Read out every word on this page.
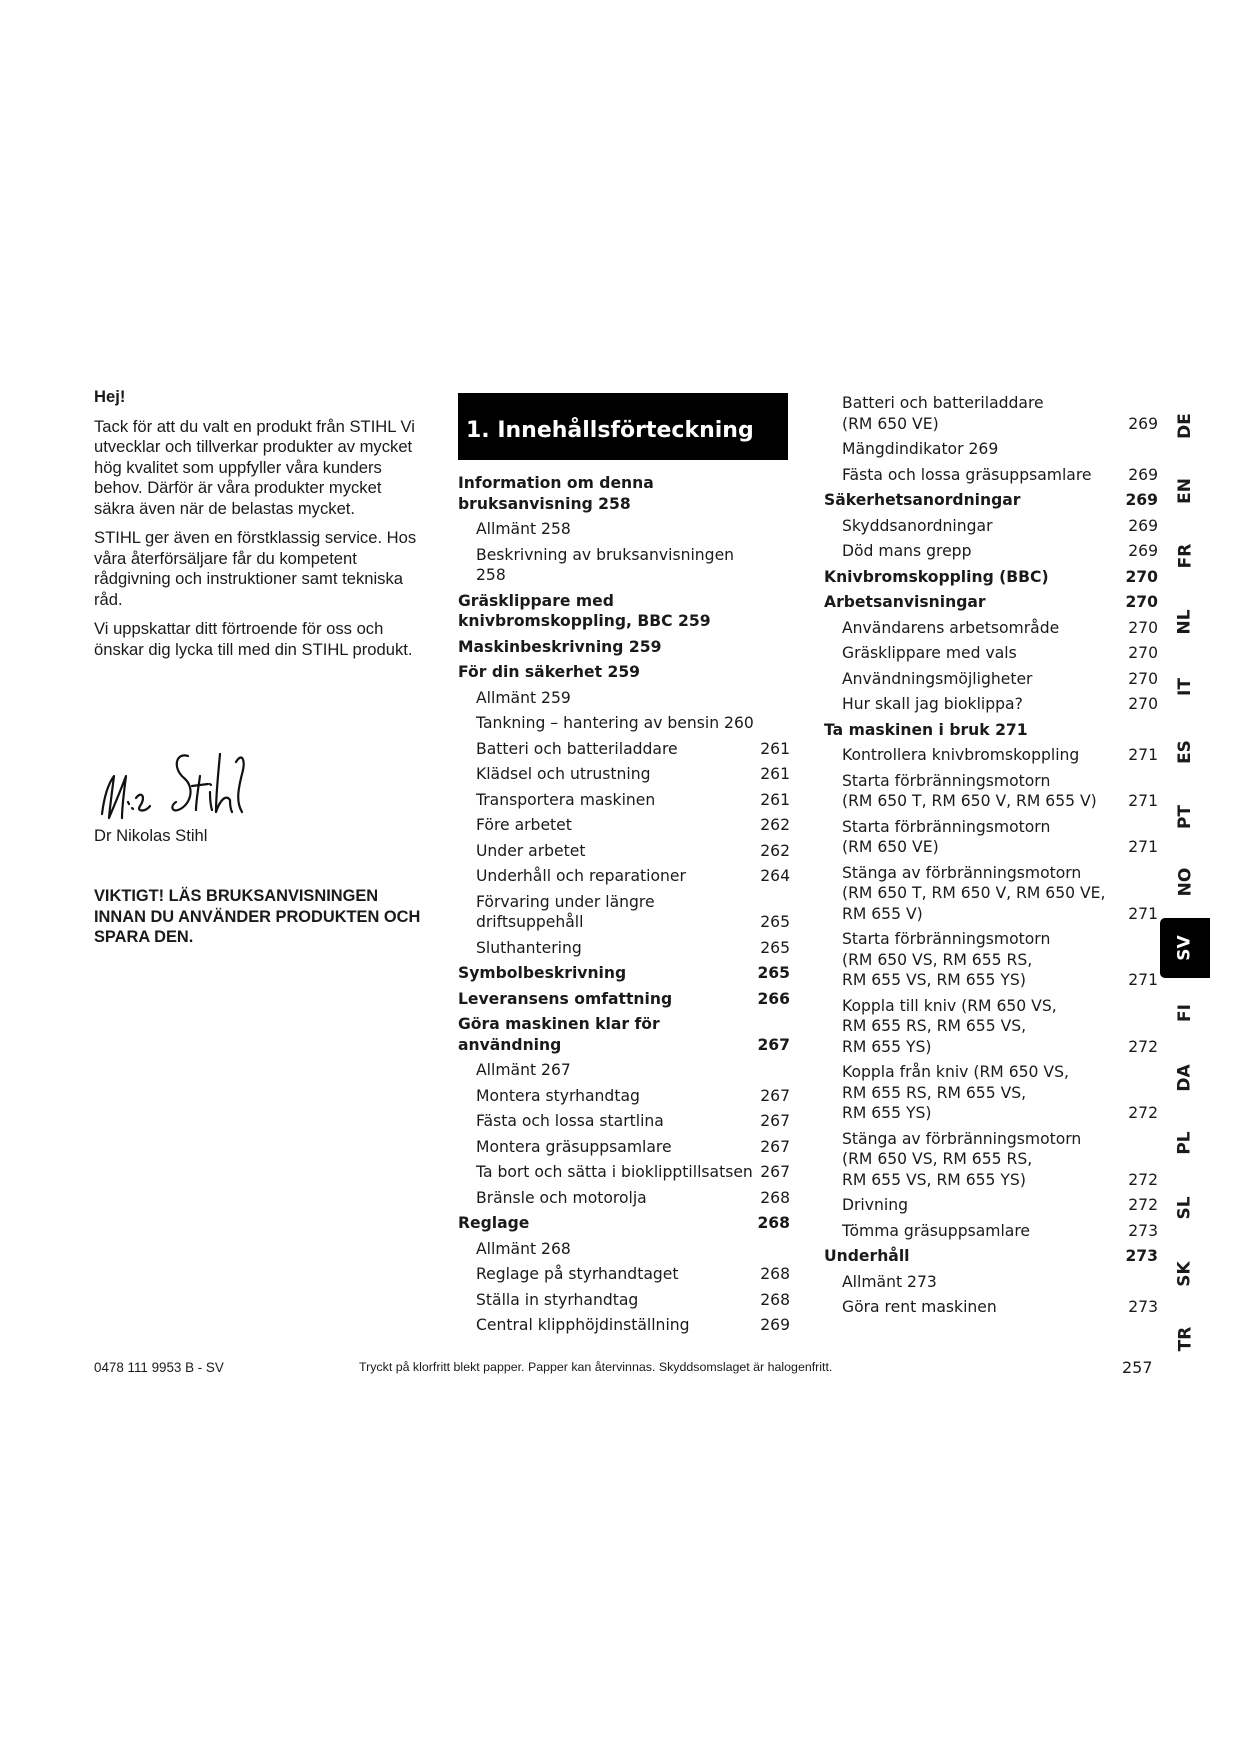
Hej!

Tack för att du valt en produkt från STIHL Vi utvecklar och tillverkar produkter av mycket hög kvalitet som uppfyller våra kunders behov. Därför är våra produkter mycket säkra även när de belastas mycket.

STIHL ger även en förstklassig service. Hos våra återförsäljare får du kompetent rådgivning och instruktioner samt tekniska råd.

Vi uppskattar ditt förtroende för oss och önskar dig lycka till med din STIHL produkt.

Dr Nikolas Stihl
VIKTIGT! LÄS BRUKSANVISNINGEN INNAN DU ANVÄNDER PRODUKTEN OCH SPARA DEN.
1. Innehållsförteckning
Information om denna
bruksanvisning 258
Allmänt 258
Beskrivning av bruksanvisningen 258
Gräsklippare med
knivbromskoppling, BBC 259
Maskinbeskrivning 259
För din säkerhet 259
Allmänt 259
Tankning – hantering av bensin 260
Batteri och batteriladdare	261
Klädsel och utrustning	261
Transportera maskinen	261
Före arbetet	262
Under arbetet	262
Underhåll och reparationer	264
Förvaring under längre
driftsuppehåll	265
Sluthantering	265
Symbolbeskrivning	265
Leveransens omfattning	266
Göra maskinen klar för
användning	267
Allmänt 267
Montera styrhandtag	267
Fästa och lossa startlina	267
Montera gräsuppsamlare	267
Ta bort och sätta i bioklipptillsatsen 267
Bränsle och motorolja	268
Reglage	268
Allmänt 268
Reglage på styrhandtaget	268
Ställa in styrhandtag	268
Central klipphöjdinställning	269
Batteri och batteriladdare
(RM 650 VE)	269
Mängdindikator 269
Fästa och lossa gräsuppsamlare	269
Säkerhetsanordningar	269
Skyddsanordningar	269
Död mans grepp	269
Knivbromskoppling (BBC)	270
Arbetsanvisningar	270
Användarens arbetsområde	270
Gräsklippare med vals	270
Användningsmöjligheter	270
Hur skall jag bioklippa?	270
Ta maskinen i bruk 271
Kontrollera knivbromskoppling	271
Starta förbränningsmotorn
(RM 650 T, RM 650 V, RM 655 V)	271
Starta förbränningsmotorn
(RM 650 VE)	271
Stänga av förbränningsmotorn
(RM 650 T, RM 650 V, RM 650 VE,
RM 655 V)	271
Starta förbränningsmotorn
(RM 650 VS, RM 655 RS,
RM 655 VS, RM 655 YS)	271
Koppla till kniv (RM 650 VS,
RM 655 RS, RM 655 VS,
RM 655 YS)	272
Koppla från kniv (RM 650 VS,
RM 655 RS, RM 655 VS,
RM 655 YS)	272
Stänga av förbränningsmotorn
(RM 650 VS, RM 655 RS,
RM 655 VS, RM 655 YS)	272
Drivning	272
Tömma gräsuppsamlare	273
Underhåll	273
Allmänt 273
Göra rent maskinen	273
DE
EN
FR
NL
IT
ES
PT
NO
SV
FI
DA
PL
SL
SK
TR
0478 111 9953 B - SV	Tryckt på klorfritt blekt papper. Papper kan återvinnas. Skyddsomslaget är halogenfritt.	257
